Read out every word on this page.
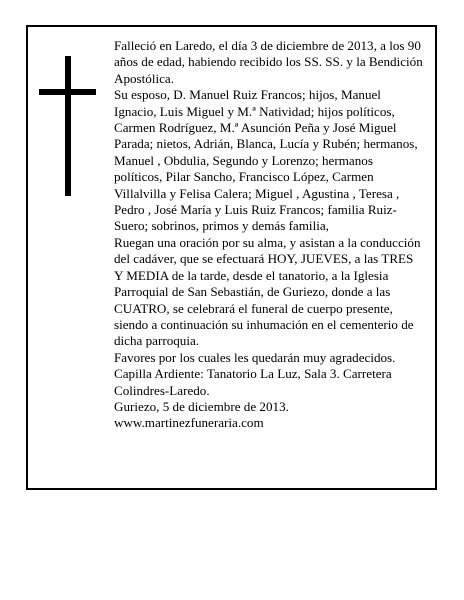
Falleció en Laredo, el día 3 de diciembre de 2013, a los 90 años de edad, habiendo recibido los SS. SS. y la Bendición Apostólica.

Su esposo, D. Manuel Ruiz Francos; hijos, Manuel Ignacio, Luis Miguel y M.ª Natividad; hijos políticos, Carmen Rodríguez, M.ª Asunción Peña y José Miguel Parada; nietos, Adrián, Blanca, Lucía y Rubén; hermanos, Manuel , Obdulia, Segundo y Lorenzo; hermanos políticos, Pilar Sancho, Francisco López, Carmen Villalvilla y Felisa Calera; Miguel , Agustina , Teresa , Pedro , José María y Luis Ruiz Francos; familia Ruiz-Suero; sobrinos, primos y demás familia,

Ruegan una oración por su alma, y asistan a la conducción del cadáver, que se efectuará HOY, JUEVES, a las TRES Y MEDIA de la tarde, desde el tanatorio, a la Iglesia Parroquial de San Sebastián, de Guriezo, donde a las CUATRO, se celebrará el funeral de cuerpo presente, siendo a continuación su inhumación en el cementerio de dicha parroquia.

Favores por los cuales les quedarán muy agradecidos.

Capilla Ardiente: Tanatorio La Luz, Sala 3. Carretera Colindres-Laredo.

Guriezo, 5 de diciembre de 2013.

www.martinezfuneraria.com
